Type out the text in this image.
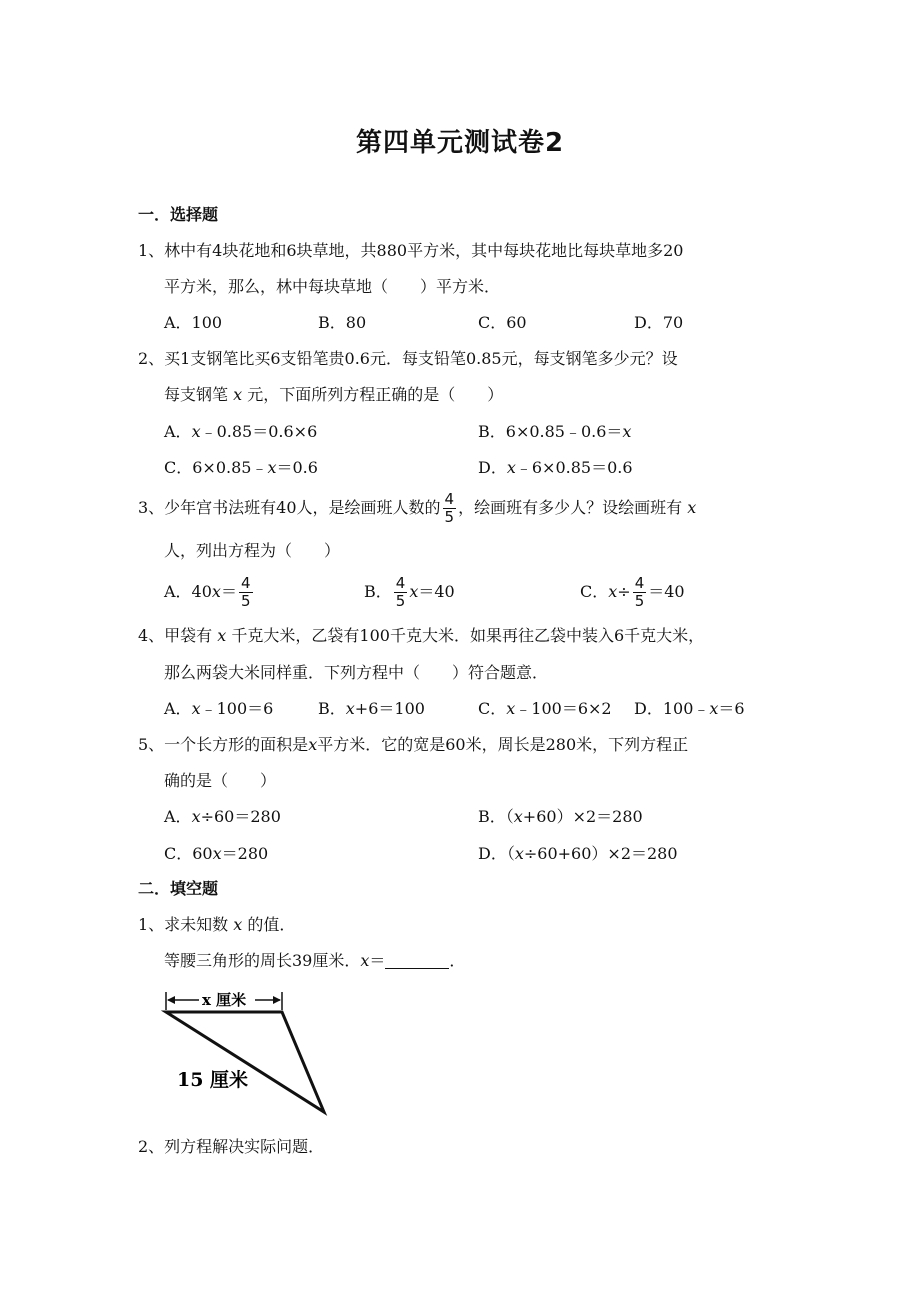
第四单元测试卷2
一．选择题
1、林中有4块花地和6块草地，共880平方米，其中每块花地比每块草地多20
平方米，那么，林中每块草地（　　）平方米．
A．100	B．80	C．60	D．70
2、买1支钢笔比买6支铅笔贵0.6元．每支铅笔0.85元，每支钢笔多少元？设
每支钢笔 x 元，下面所列方程正确的是（　　）
A．x﹣0.85＝0.6×6	B．6×0.85﹣0.6＝x
C．6×0.85﹣x＝0.6	D．x﹣6×0.85＝0.6
3、少年宫书法班有40人，是绘画班人数的 $\frac{4}{5}$ ，绘画班有多少人？设绘画班有 x
人，列出方程为（　　）
A．$40x= \frac{4}{5}$	B． $\frac{4}{5} x=40$	C．$x\div \frac{4}{5} =40$
4、甲袋有 x 千克大米，乙袋有100千克大米．如果再往乙袋中装入6千克大米，
那么两袋大米同样重．下列方程中（　　）符合题意．
A．x﹣100＝6	B．x+6＝100	C．x﹣100＝6×2 D．100﹣x＝6
5、一个长方形的面积是x平方米．它的宽是60米，周长是280米，下列方程正
确的是（　　）
A．x÷60＝280	B．（x+60）×2＝280
C．60x＝280	D．（x÷60+60）×2＝280
二．填空题
1、求未知数 x 的值．
等腰三角形的周长39厘米．x＝	．
x 厘米
15 厘米
2、列方程解决实际问题．
